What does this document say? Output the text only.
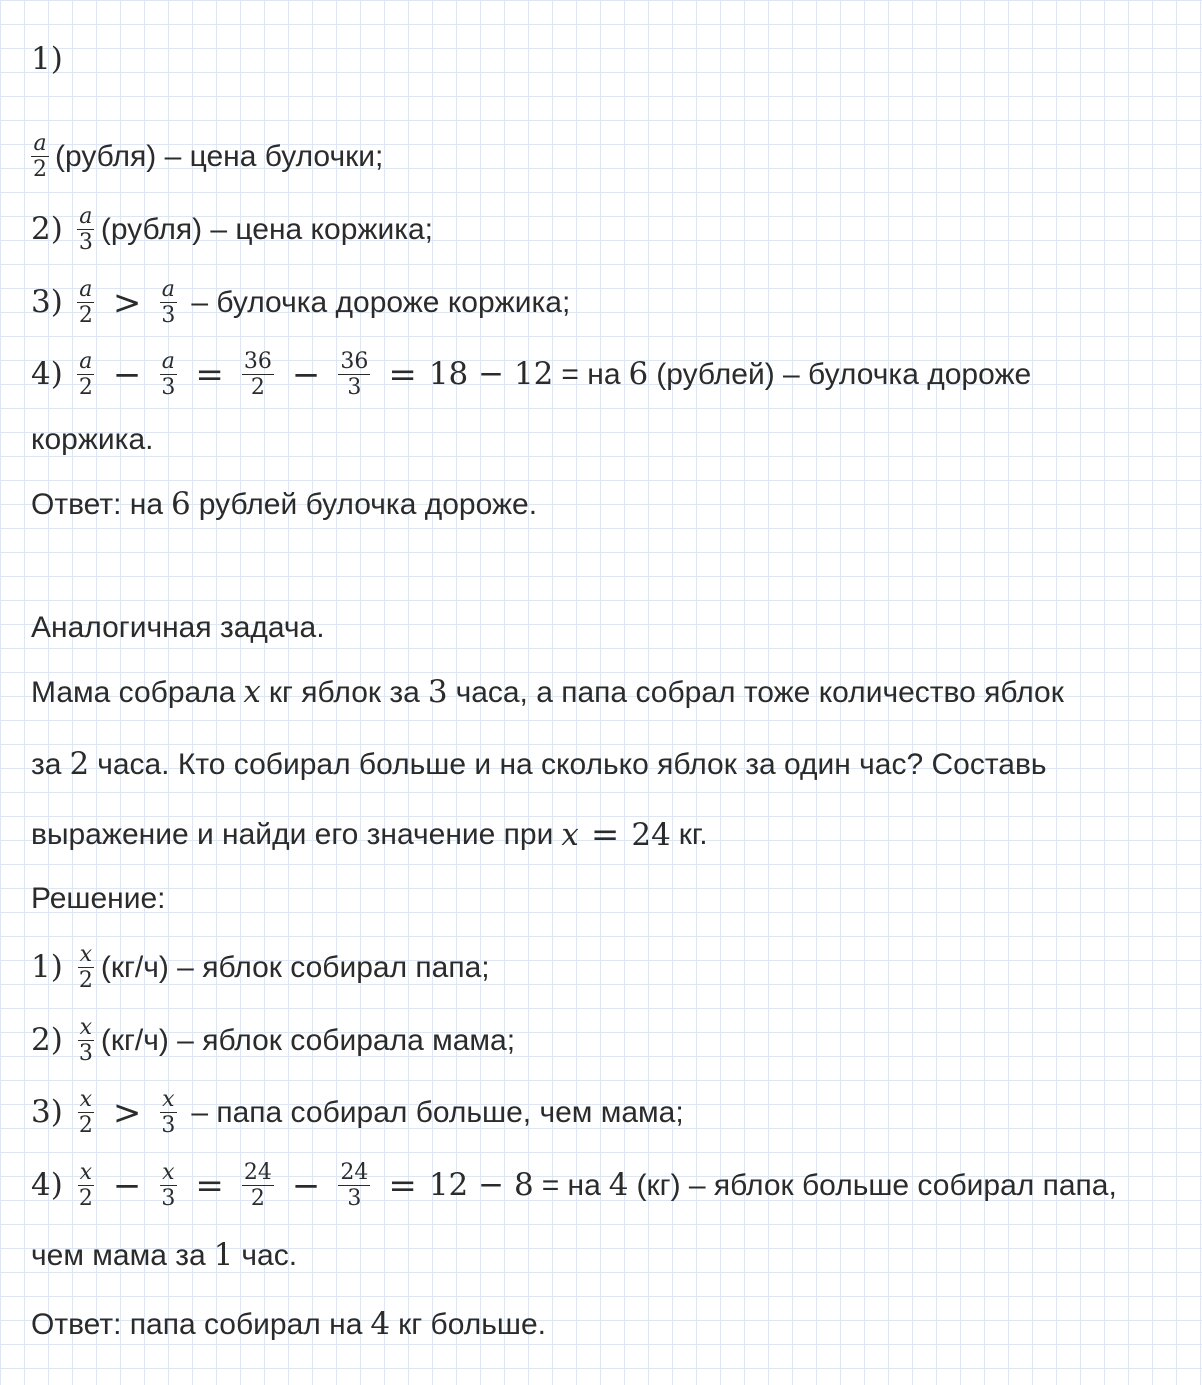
1)
$\frac{a}{2}$ (рубля) – цена булочки;
$2) \frac{a}{3}$ (рубля) – цена коржика;
$3) \frac{a}{2} > \frac{a}{3}$ – булочка дороже коржика;
$4) \frac{a}{2} - \frac{a}{3} = \frac{36}{2} - \frac{36}{3} = 18 - 12$ = на 6 (рублей) – булочка дороже
коржика.
Ответ: на 6 рублей булочка дороже.
Аналогичная задача.
Мама собрала x кг яблок за 3 часа, а папа собрал тоже количество яблок
за 2 часа. Кто собирал больше и на сколько яблок за один час? Составь
выражение и найди его значение при x = 24 кг.
Решение:
$1) \frac{x}{2} (кг/ч)$ – яблок собирал папа;
$2) \frac{x}{3} (кг/ч)$ – яблок собирала мама;
$3) \frac{x}{2} > \frac{x}{3}$ – папа собирал больше, чем мама;
$4) \frac{x}{2} - \frac{x}{3} = \frac{24}{2} - \frac{24}{3} = 12 - 8$ = на 4 (кг) – яблок больше собирал папа,
чем мама за 1 час.
Ответ: папа собирал на 4 кг больше.
